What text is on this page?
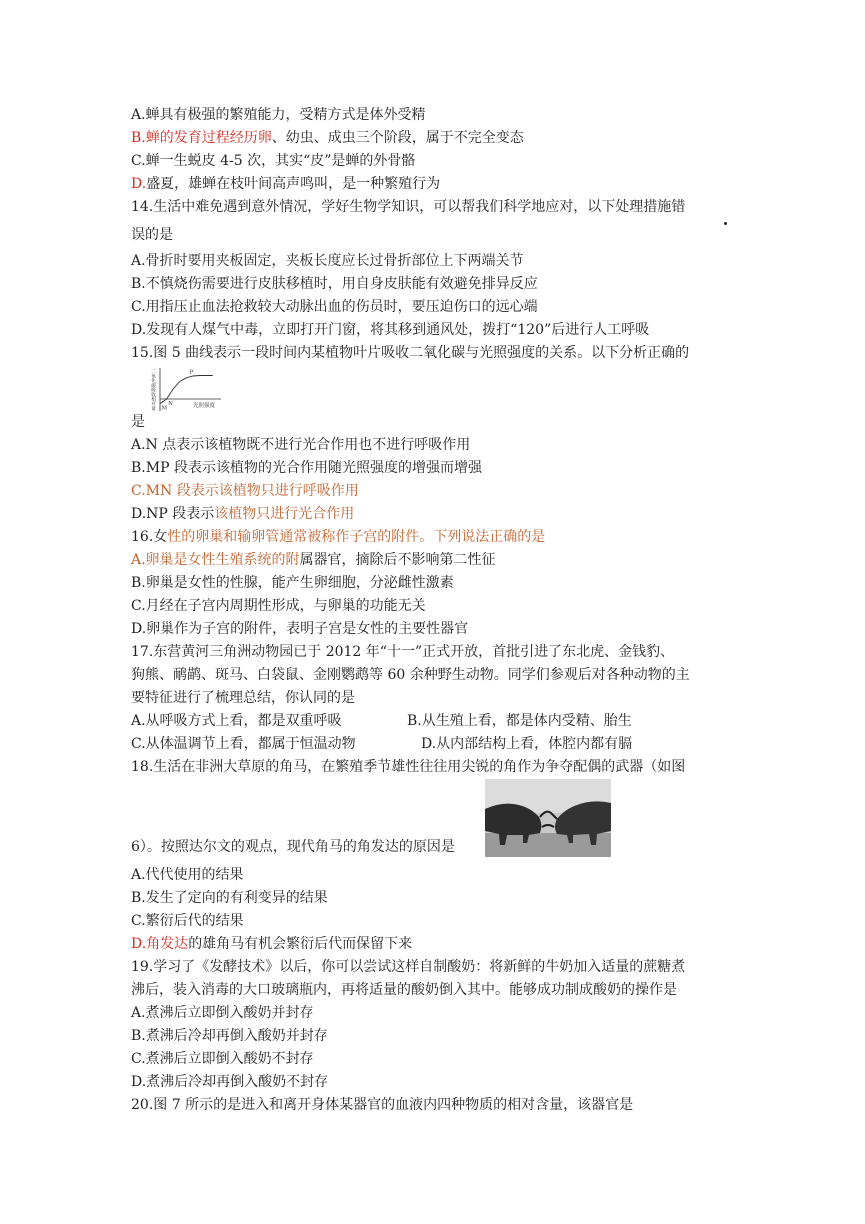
A.蝉具有极强的繁殖能力，受精方式是体外受精
B.蝉的发育过程经历卵、幼虫、成虫三个阶段，属于不完全变态
C.蝉一生蜕皮 4-5 次，其实“皮”是蝉的外骨骼
D.盛夏，雄蝉在枝叶间高声鸣叫，是一种繁殖行为
14.生活中难免遇到意外情况，学好生物学知识，可以帮我们科学地应对，以下处理措施错
误的是
A.骨折时要用夹板固定，夹板长度应长过骨折部位上下两端关节
B.不慎烧伤需要进行皮肤移植时，用自身皮肤能有效避免排异反应
C.用指压止血法抢救较大动脉出血的伤员时，要压迫伤口的远心端
D.发现有人煤气中毒，立即打开门窗，将其移到通风处，拨打“120”后进行人工呼吸
15.图 5 曲线表示一段时间内某植物叶片吸收二氧化碳与光照强度的关系。以下分析正确的
二氧化碳吸收相对量	光照强度
P
N
M
是
A.N 点表示该植物既不进行光合作用也不进行呼吸作用
B.MP 段表示该植物的光合作用随光照强度的增强而增强
C.MN 段表示该植物只进行呼吸作用
D.NP 段表示该植物只进行光合作用
16.女性的卵巢和输卵管通常被称作子宫的附件。下列说法正确的是
A.卵巢是女性生殖系统的附属器官，摘除后不影响第二性征
B.卵巢是女性的性腺，能产生卵细胞，分泌雌性激素
C.月经在子宫内周期性形成，与卵巢的功能无关
D.卵巢作为子宫的附件，表明子宫是女性的主要性器官
17.东营黄河三角洲动物园已于 2012 年“十一”正式开放，首批引进了东北虎、金钱豹、
狗熊、鸸鹋、斑马、白袋鼠、金刚鹦鹉等 60 余种野生动物。同学们参观后对各种动物的主
要特征进行了梳理总结，你认同的是
A.从呼吸方式上看，都是双重呼吸	B.从生殖上看，都是体内受精、胎生
C.从体温调节上看，都属于恒温动物	D.从内部结构上看，体腔内都有膈
18.生活在非洲大草原的角马，在繁殖季节雄性往往用尖锐的角作为争夺配偶的武器（如图
6）。按照达尔文的观点，现代角马的角发达的原因是
A.代代使用的结果
B.发生了定向的有利变异的结果
C.繁衍后代的结果
D.角发达的雄角马有机会繁衍后代而保留下来
19.学习了《发酵技术》以后，你可以尝试这样自制酸奶：将新鲜的牛奶加入适量的蔗糖煮
沸后，装入消毒的大口玻璃瓶内，再将适量的酸奶倒入其中。能够成功制成酸奶的操作是
A.煮沸后立即倒入酸奶并封存
B.煮沸后冷却再倒入酸奶并封存
C.煮沸后立即倒入酸奶不封存
D.煮沸后冷却再倒入酸奶不封存
20.图 7 所示的是进入和离开身体某器官的血液内四种物质的相对含量，该器官是
